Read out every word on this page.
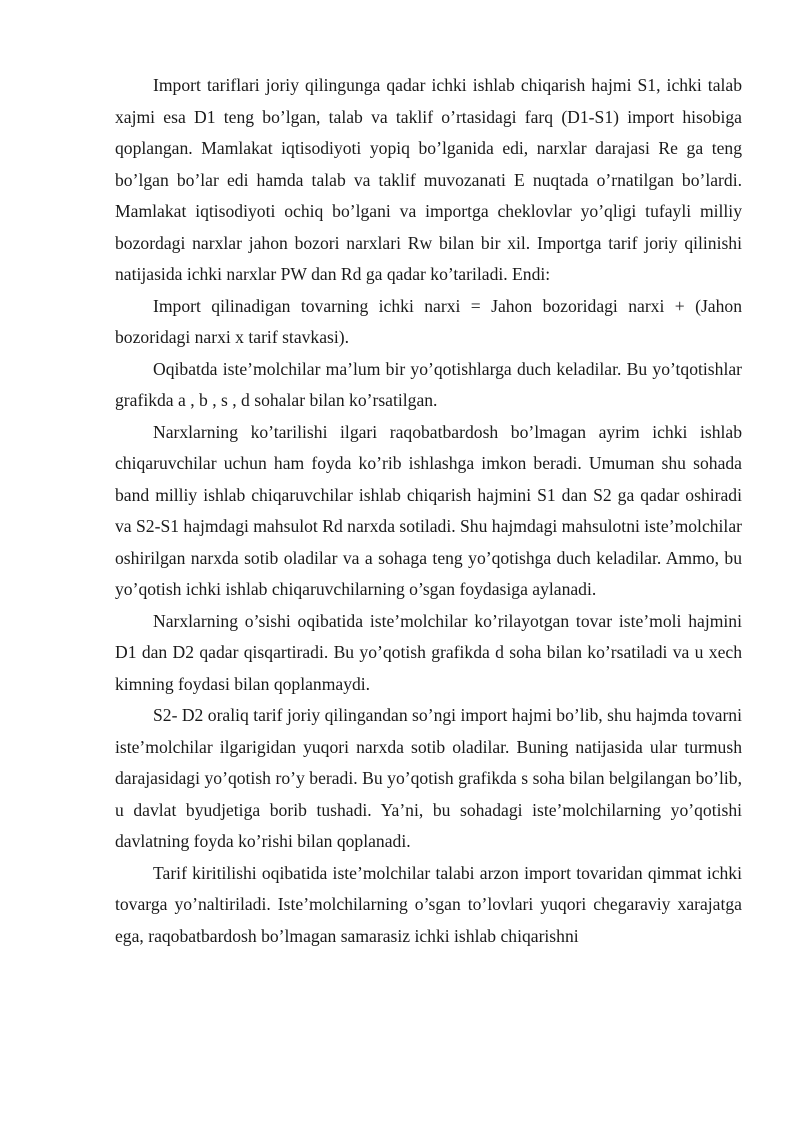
Import tariflari joriy qilingunga qadar ichki ishlab chiqarish hajmi S1, ichki talab xajmi esa D1 teng bo’lgan, talab va taklif o’rtasidagi farq (D1-S1) import hisobiga qoplangan. Mamlakat iqtisodiyoti yopiq bo’lganida edi, narxlar darajasi Re ga teng bo’lgan bo’lar edi hamda talab va taklif muvozanati E nuqtada o’rnatilgan bo’lardi. Mamlakat iqtisodiyoti ochiq bo’lgani va importga cheklovlar yo’qligi tufayli milliy bozordagi narxlar jahon bozori narxlari Rw bilan bir xil. Importga tarif joriy qilinishi natijasida ichki narxlar PW dan Rd ga qadar ko’tariladi. Endi:

Import qilinadigan tovarning ichki narxi = Jahon bozoridagi narxi + (Jahon bozoridagi narxi x tarif stavkasi).

Oqibatda iste’molchilar ma’lum bir yo’qotishlarga duch keladilar. Bu yo’tqotishlar grafikda a , b , s , d sohalar bilan ko’rsatilgan.

Narxlarning ko’tarilishi ilgari raqobatbardosh bo’lmagan ayrim ichki ishlab chiqaruvchilar uchun ham foyda ko’rib ishlashga imkon beradi. Umuman shu sohada band milliy ishlab chiqaruvchilar ishlab chiqarish hajmini S1 dan S2 ga qadar oshiradi va S2-S1 hajmdagi mahsulot Rd narxda sotiladi. Shu hajmdagi mahsulotni iste’molchilar oshirilgan narxda sotib oladilar va a sohaga teng yo’qotishga duch keladilar. Ammo, bu yo’qotish ichki ishlab chiqaruvchilarning o’sgan foydasiga aylanadi.

Narxlarning o’sishi oqibatida iste’molchilar ko’rilayotgan tovar iste’moli hajmini D1 dan D2 qadar qisqartiradi. Bu yo’qotish grafikda d soha bilan ko’rsatiladi va u xech kimning foydasi bilan qoplanmaydi.

S2- D2 oraliq tarif joriy qilingandan so’ngi import hajmi bo’lib, shu hajmda tovarni iste’molchilar ilgarigidan yuqori narxda sotib oladilar. Buning natijasida ular turmush darajasidagi yo’qotish ro’y beradi. Bu yo’qotish grafikda s soha bilan belgilangan bo’lib, u davlat byudjetiga borib tushadi. Ya’ni, bu sohadagi iste’molchilarning yo’qotishi davlatning foyda ko’rishi bilan qoplanadi.

Tarif kiritilishi oqibatida iste’molchilar talabi arzon import tovaridan qimmat ichki tovarga yo’naltiriladi. Iste’molchilarning o’sgan to’lovlari yuqori chegaraviy xarajatga ega, raqobatbardosh bo’lmagan samarasiz ichki ishlab chiqarishni
